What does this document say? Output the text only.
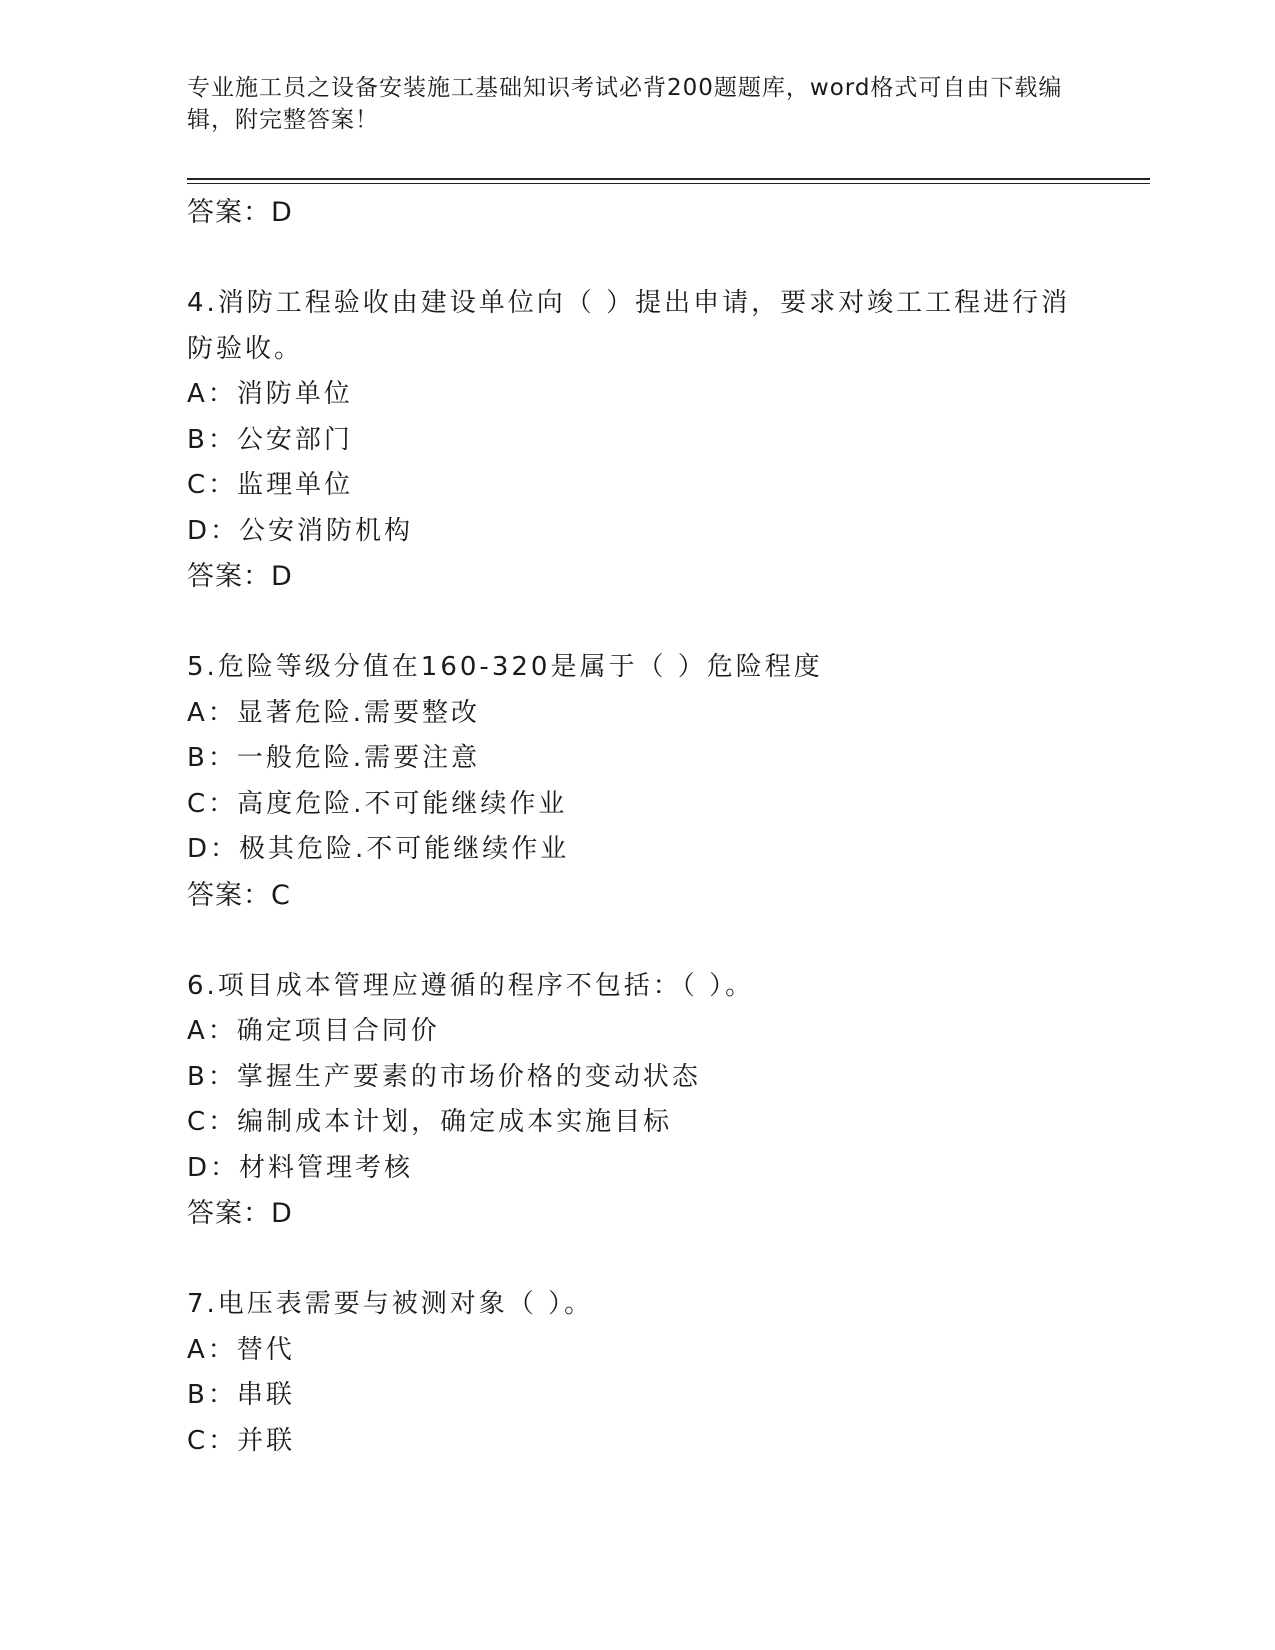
专业施工员之设备安装施工基础知识考试必背200题题库，word格式可自由下载编辑，附完整答案！
答案：D
4.消防工程验收由建设单位向（ ）提出申请，要求对竣工工程进行消防验收。
A：消防单位
B：公安部门
C：监理单位
D：公安消防机构
答案：D
5.危险等级分值在160-320是属于（ ）危险程度
A：显著危险.需要整改
B：一般危险.需要注意
C：高度危险.不可能继续作业
D：极其危险.不可能继续作业
答案：C
6.项目成本管理应遵循的程序不包括：（ ）。
A：确定项目合同价
B：掌握生产要素的市场价格的变动状态
C：编制成本计划，确定成本实施目标
D：材料管理考核
答案：D
7.电压表需要与被测对象（ ）。
A：替代
B：串联
C：并联
